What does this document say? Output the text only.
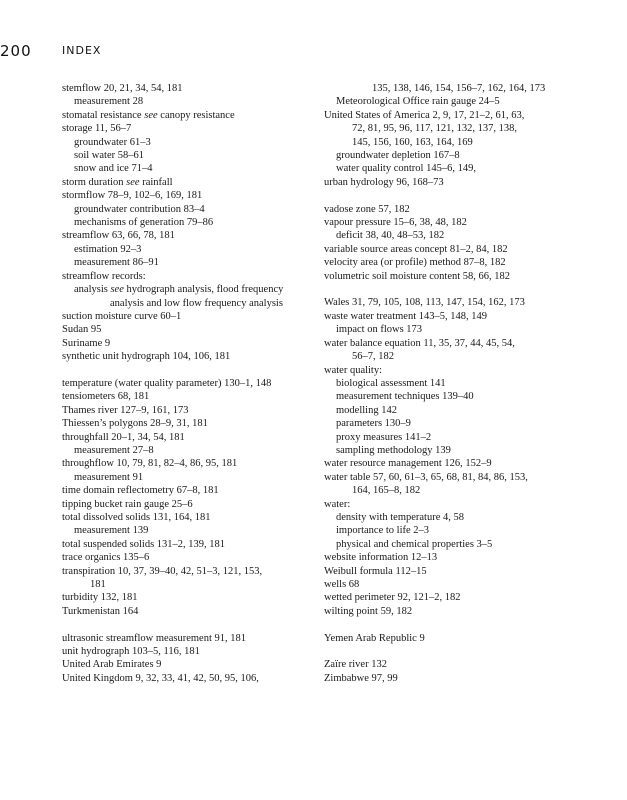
200	INDEX
stemflow 20, 21, 34, 54, 181
measurement 28
stomatal resistance see canopy resistance
storage 11, 56–7
groundwater 61–3
soil water 58–61
snow and ice 71–4
storm duration see rainfall
stormflow 78–9, 102–6, 169, 181
groundwater contribution 83–4
mechanisms of generation 79–86
streamflow 63, 66, 78, 181
estimation 92–3
measurement 86–91
streamflow records:
analysis see hydrograph analysis, flood frequency
analysis and low flow frequency analysis
suction moisture curve 60–1
Sudan 95
Suriname 9
synthetic unit hydrograph 104, 106, 181
temperature (water quality parameter) 130–1, 148
tensiometers 68, 181
Thames river 127–9, 161, 173
Thiessen’s polygons 28–9, 31, 181
throughfall 20–1, 34, 54, 181
measurement 27–8
throughflow 10, 79, 81, 82–4, 86, 95, 181
measurement 91
time domain reflectometry 67–8, 181
tipping bucket rain gauge 25–6
total dissolved solids 131, 164, 181
measurement 139
total suspended solids 131–2, 139, 181
trace organics 135–6
transpiration 10, 37, 39–40, 42, 51–3, 121, 153,
181
turbidity 132, 181
Turkmenistan 164
ultrasonic streamflow measurement 91, 181
unit hydrograph 103–5, 116, 181
United Arab Emirates 9
United Kingdom 9, 32, 33, 41, 42, 50, 95, 106,
135, 138, 146, 154, 156–7, 162, 164, 173
Meteorological Office rain gauge 24–5
United States of America 2, 9, 17, 21–2, 61, 63,
72, 81, 95, 96, 117, 121, 132, 137, 138,
145, 156, 160, 163, 164, 169
groundwater depletion 167–8
water quality control 145–6, 149,
urban hydrology 96, 168–73
vadose zone 57, 182
vapour pressure 15–6, 38, 48, 182
deficit 38, 40, 48–53, 182
variable source areas concept 81–2, 84, 182
velocity area (or profile) method 87–8, 182
volumetric soil moisture content 58, 66, 182
Wales 31, 79, 105, 108, 113, 147, 154, 162, 173
waste water treatment 143–5, 148, 149
impact on flows 173
water balance equation 11, 35, 37, 44, 45, 54,
56–7, 182
water quality:
biological assessment 141
measurement techniques 139–40
modelling 142
parameters 130–9
proxy measures 141–2
sampling methodology 139
water resource management 126, 152–9
water table 57, 60, 61–3, 65, 68, 81, 84, 86, 153,
164, 165–8, 182
water:
density with temperature 4, 58
importance to life 2–3
physical and chemical properties 3–5
website information 12–13
Weibull formula 112–15
wells 68
wetted perimeter 92, 121–2, 182
wilting point 59, 182
Yemen Arab Republic 9
Zaïre river 132
Zimbabwe 97, 99
